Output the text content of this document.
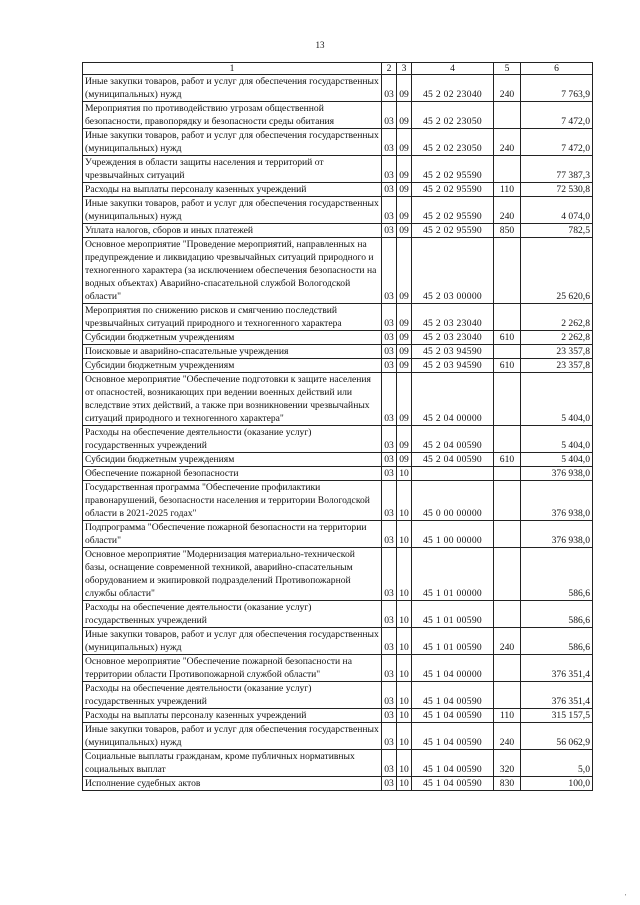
13
1	2	3	4	5	6
Иные закупки товаров, работ и услуг для обеспечения государственных (муниципальных) нужд	03	09	45 2 02 23040	240	7 763,9
Мероприятия по противодействию угрозам общественной безопасности, правопорядку и безопасности среды обитания	03	09	45 2 02 23050		7 472,0
Иные закупки товаров, работ и услуг для обеспечения государственных (муниципальных) нужд	03	09	45 2 02 23050	240	7 472,0
Учреждения в области защиты населения и территорий от чрезвычайных ситуаций	03	09	45 2 02 95590		77 387,3
Расходы на выплаты персоналу казенных учреждений	03	09	45 2 02 95590	110	72 530,8
Иные закупки товаров, работ и услуг для обеспечения государственных (муниципальных) нужд	03	09	45 2 02 95590	240	4 074,0
Уплата налогов, сборов и иных платежей	03	09	45 2 02 95590	850	782,5
Основное мероприятие "Проведение мероприятий, направленных на предупреждение и ликвидацию чрезвычайных ситуаций природного и техногенного характера (за исключением обеспечения безопасности на водных объектах) Аварийно-спасательной службой Вологодской области"	03	09	45 2 03 00000		25 620,6
Мероприятия по снижению рисков и смягчению последствий чрезвычайных ситуаций природного и техногенного характера	03	09	45 2 03 23040		2 262,8
Субсидии бюджетным учреждениям	03	09	45 2 03 23040	610	2 262,8
Поисковые и аварийно-спасательные учреждения	03	09	45 2 03 94590		23 357,8
Субсидии бюджетным учреждениям	03	09	45 2 03 94590	610	23 357,8
Основное мероприятие "Обеспечение подготовки к защите населения от опасностей, возникающих при ведении военных действий или вследствие этих действий, а также при возникновении чрезвычайных ситуаций природного и техногенного характера"	03	09	45 2 04 00000		5 404,0
Расходы на обеспечение деятельности (оказание услуг) государственных учреждений	03	09	45 2 04 00590		5 404,0
Субсидии бюджетным учреждениям	03	09	45 2 04 00590	610	5 404,0
Обеспечение пожарной безопасности	03	10			376 938,0
Государственная программа "Обеспечение профилактики правонарушений, безопасности населения и территории Вологодской области в 2021-2025 годах"	03	10	45 0 00 00000		376 938,0
Подпрограмма "Обеспечение пожарной безопасности на территории области"	03	10	45 1 00 00000		376 938,0
Основное мероприятие "Модернизация материально-технической базы, оснащение современной техникой, аварийно-спасательным оборудованием и экипировкой подразделений Противопожарной службы области"	03	10	45 1 01 00000		586,6
Расходы на обеспечение деятельности (оказание услуг) государственных учреждений	03	10	45 1 01 00590		586,6
Иные закупки товаров, работ и услуг для обеспечения государственных (муниципальных) нужд	03	10	45 1 01 00590	240	586,6
Основное мероприятие "Обеспечение пожарной безопасности на территории области Противопожарной службой области"	03	10	45 1 04 00000		376 351,4
Расходы на обеспечение деятельности (оказание услуг) государственных учреждений	03	10	45 1 04 00590		376 351,4
Расходы на выплаты персоналу казенных учреждений	03	10	45 1 04 00590	110	315 157,5
Иные закупки товаров, работ и услуг для обеспечения государственных (муниципальных) нужд	03	10	45 1 04 00590	240	56 062,9
Социальные выплаты гражданам, кроме публичных нормативных социальных выплат	03	10	45 1 04 00590	320	5,0
Исполнение судебных актов	03	10	45 1 04 00590	830	100,0
'
